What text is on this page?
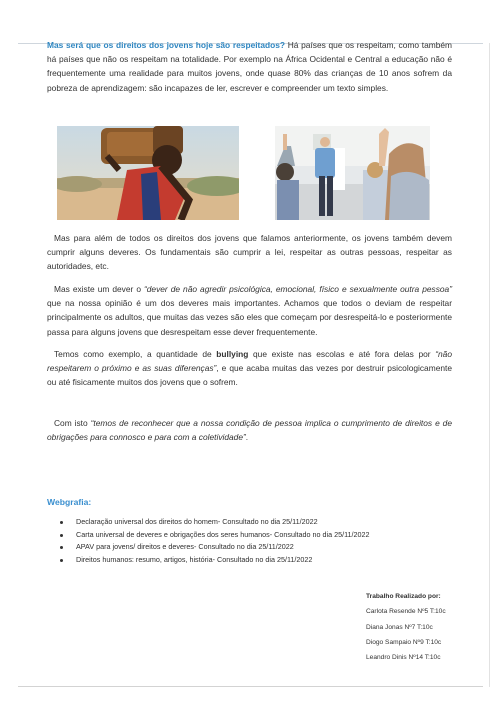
Mas será que os direitos dos jovens hoje são respeitados? Há países que os respeitam, como também há países que não os respeitam na totalidade. Por exemplo na África Ocidental e Central a educação não é frequentemente uma realidade para muitos jovens, onde quase 80% das crianças de 10 anos sofrem da pobreza de aprendizagem: são incapazes de ler, escrever e compreender um texto simples.

Mas para além de todos os direitos dos jovens que falamos anteriormente, os jovens também devem cumprir alguns deveres. Os fundamentais são cumprir a lei, respeitar as outras pessoas, respeitar as autoridades, etc.

Mas existe um dever o “dever de não agredir psicológica, emocional, físico e sexualmente outra pessoa” que na nossa opinião é um dos deveres mais importantes. Achamos que todos o deviam de respeitar principalmente os adultos, que muitas das vezes são eles que começam por desrespeitá-lo e posteriormente passa para alguns jovens que desrespeitam esse dever frequentemente.

Temos como exemplo, a quantidade de bullying que existe nas escolas e até fora delas por “não respeitarem o próximo e as suas diferenças”, e que acaba muitas das vezes por destruir psicologicamente ou até fisicamente muitos dos jovens que o sofrem.

Com isto “temos de reconhecer que a nossa condição de pessoa implica o cumprimento de direitos e de obrigações para connosco e para com a coletividade”.

Webgrafia:
Declaração universal dos direitos do homem- Consultado no dia 25/11/2022
Carta universal de deveres e obrigações dos seres humanos- Consultado no dia 25/11/2022
APAV para jovens/ direitos e deveres- Consultado no dia 25/11/2022
Direitos humanos: resumo, artigos, história- Consultado no dia 25/11/2022
Trabalho Realizado por:
Carlota Resende Nº5 T:10c
Diana Jonas Nº7 T:10c
Diogo Sampaio Nº9 T:10c
Leandro Dinis Nº14 T:10c
